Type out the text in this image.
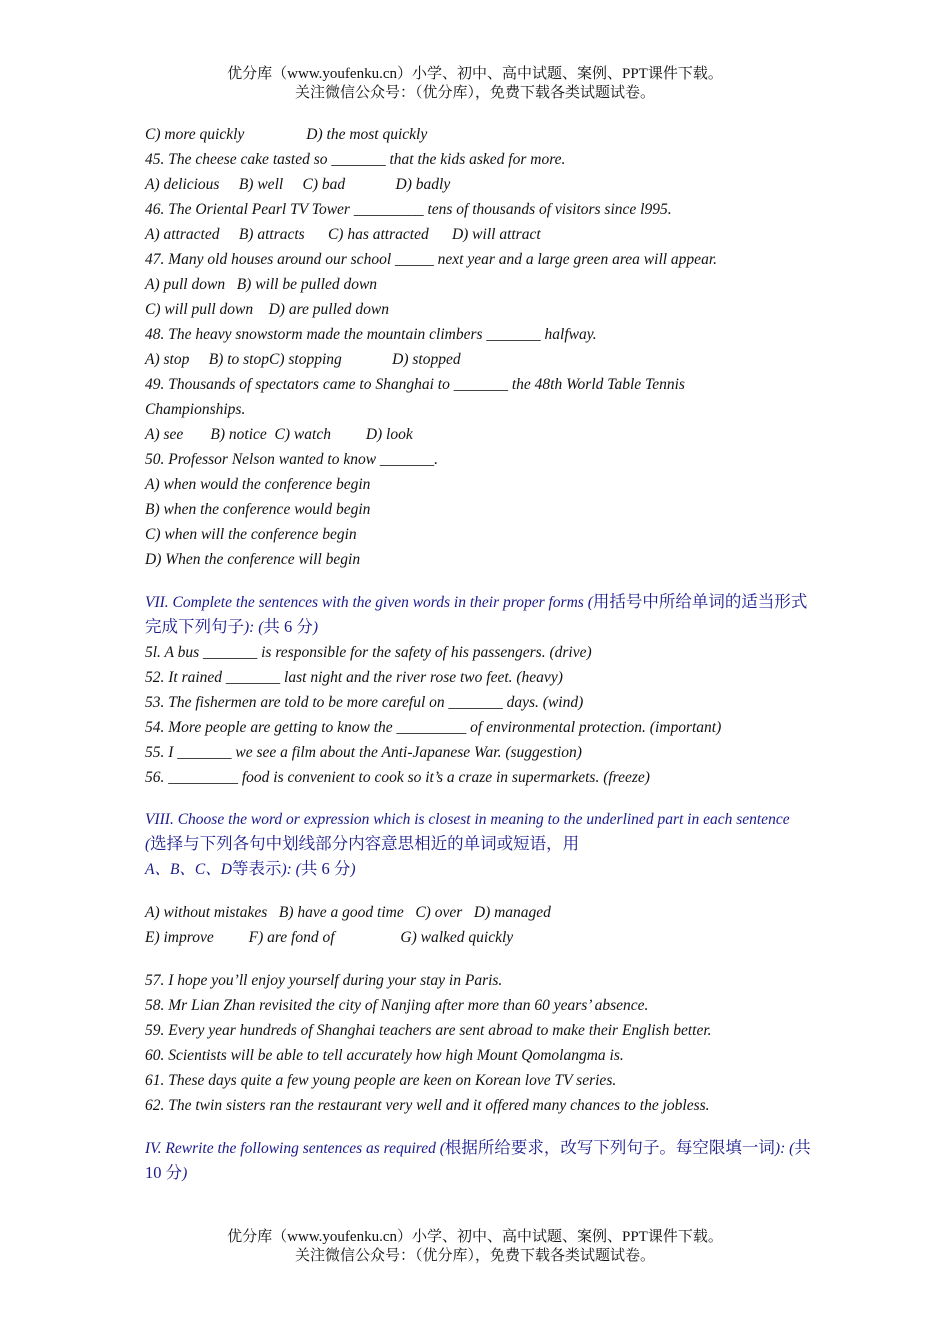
优分库（www.youfenku.cn）小学、初中、高中试题、案例、PPT课件下载。
关注微信公众号：（优分库），免费下载各类试题试卷。
C) more quickly                D) the most quickly
45. The cheese cake tasted so _______ that the kids asked for more.
A) delicious     B) well     C) bad             D) badly
46. The Oriental Pearl TV Tower _________ tens of thousands of visitors since l995.
A) attracted     B) attracts      C) has attracted      D) will attract
47. Many old houses around our school _____ next year and a large green area will appear.
A) pull down   B) will be pulled down
C) will pull down    D) are pulled down
48. The heavy snowstorm made the mountain climbers _______ halfway.
A) stop     B) to stopC) stopping             D) stopped
49. Thousands of spectators came to Shanghai to _______ the 48th World Table Tennis
Championships.
A) see       B) notice  C) watch         D) look
50. Professor Nelson wanted to know _______.
A) when would the conference begin
B) when the conference would begin
C) when will the conference begin
D) When the conference will begin
VII. Complete the sentences with the given words in their proper forms (用括号中所给单词的适当形式完成下列句子): (共 6 分)
5l. A bus _______ is responsible for the safety of his passengers. (drive)
52. It rained _______ last night and the river rose two feet. (heavy)
53. The fishermen are told to be more careful on _______ days. (wind)
54. More people are getting to know the _________ of environmental protection. (important)
55. I _______ we see a film about the Anti-Japanese War. (suggestion)
56. _________ food is convenient to cook so it’s a craze in supermarkets. (freeze)
VIII. Choose the word or expression which is closest in meaning to the underlined part in each sentence (选择与下列各句中划线部分内容意思相近的单词或短语，用
A、B、C、D等表示): (共 6 分)
A) without mistakes   B) have a good time   C) over   D) managed
E) improve         F) are fond of                 G) walked quickly
57. I hope you’ll enjoy yourself during your stay in Paris.
58. Mr Lian Zhan revisited the city of Nanjing after more than 60 years’ absence.
59. Every year hundreds of Shanghai teachers are sent abroad to make their English better.
60. Scientists will be able to tell accurately how high Mount Qomolangma is.
61. These days quite a few young people are keen on Korean love TV series.
62. The twin sisters ran the restaurant very well and it offered many chances to the jobless.
IV. Rewrite the following sentences as required (根据所给要求，改写下列句子。每空限填一词): (共 10 分)
优分库（www.youfenku.cn）小学、初中、高中试题、案例、PPT课件下载。
关注微信公众号：（优分库），免费下载各类试题试卷。
